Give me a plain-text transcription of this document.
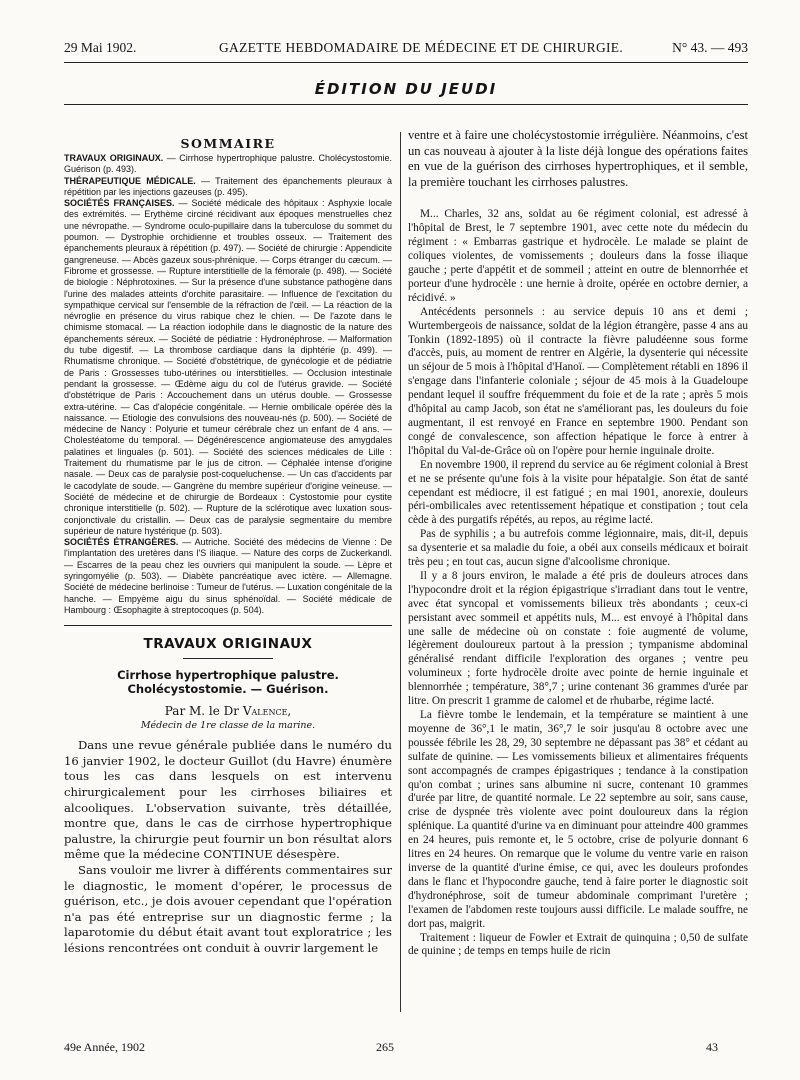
29 Mai 1902.	GAZETTE HEBDOMADAIRE DE MÉDECINE ET DE CHIRURGIE.	N° 43. — 493
ÉDITION DU JEUDI
SOMMAIRE

TRAVAUX ORIGINAUX. — Cirrhose hypertrophique palustre. Cholécystostomie. Guérison (p. 493).

THÉRAPEUTIQUE MÉDICALE. — Traitement des épanchements pleuraux à répétition par les injections gazeuses (p. 495).

SOCIÉTÉS FRANÇAISES. — Société médicale des hôpitaux : Asphyxie locale des extrémités. — Erythème circiné récidivant aux époques menstruelles chez une névropathe. — Syndrome oculo-pupillaire dans la tuberculose du sommet du poumon. — Dystrophie orchidienne et troubles osseux. — Traitement des épanchements pleuraux à répétition (p. 497). — Société de chirurgie : Appendicite gangreneuse. — Abcès gazeux sous-phrénique. — Corps étranger du cæcum. — Fibrome et grossesse. — Rupture interstitielle de la fémorale (p. 498). — Société de biologie : Néphrotoxines. — Sur la présence d'une substance pathogène dans l'urine des malades atteints d'orchite parasitaire. — Influence de l'excitation du sympathique cervical sur l'ensemble de la réfraction de l'œil. — La réaction de la névroglie en présence du virus rabique chez le chien. — De l'azote dans le chimisme stomacal. — La réaction iodophile dans le diagnostic de la nature des épanchements séreux. — Société de pédiatrie : Hydronéphrose. — Malformation du tube digestif. — La thrombose cardiaque dans la diphtérie (p. 499). — Rhumatisme chronique. — Société d'obstétrique, de gynécologie et de pédiatrie de Paris : Grossesses tubo-utérines ou interstitielles. — Occlusion intestinale pendant la grossesse. — Œdème aigu du col de l'utérus gravide. — Société d'obstétrique de Paris : Accouchement dans un utérus double. — Grossesse extra-utérine. — Cas d'alopécie congénitale. — Hernie ombilicale opérée dès la naissance. — Etiologie des convulsions des nouveau-nés (p. 500). — Société de médecine de Nancy : Polyurie et tumeur cérébrale chez un enfant de 4 ans. — Cholestéatome du temporal. — Dégénérescence angiomateuse des amygdales palatines et linguales (p. 501). — Société des sciences médicales de Lille : Traitement du rhumatisme par le jus de citron. — Céphalée intense d'origine nasale. — Deux cas de paralysie post-coqueluchense. — Un cas d'accidents par le cacodylate de soude. — Gangrène du membre supérieur d'origine veineuse. — Société de médecine et de chirurgie de Bordeaux : Cystostomie pour cystite chronique interstitielle (p. 502). — Rupture de la sclérotique avec luxation sous-conjonctivale du cristallin. — Deux cas de paralysie segmentaire du membre supérieur de nature hystérique (p. 503).

SOCIÉTÉS ÉTRANGÈRES. — Autriche. Société des médecins de Vienne : De l'implantation des uretères dans l'S iliaque. — Nature des corps de Zuckerkandl. — Escarres de la peau chez les ouvriers qui manipulent la soude. — Lèpre et syringomyélie (p. 503). — Diabète pancréatique avec ictère. — Allemagne. Société de médecine berlinoise : Tumeur de l'utérus. — Luxation congénitale de la hanche. — Empyème aigu du sinus sphénoïdal. — Société médicale de Hambourg : Œsophagite à streptocoques (p. 504).

TRAVAUX ORIGINAUX
Cirrhose hypertrophique palustre.
Cholécystostomie. — Guérison.
Par M. le Dr Valence,
Médecin de 1re classe de la marine.

Dans une revue générale publiée dans le numéro du 16 janvier 1902, le docteur Guillot (du Havre) énumère tous les cas dans lesquels on est intervenu chirurgicalement pour les cirrhoses biliaires et alcooliques. L'observation suivante, très détaillée, montre que, dans le cas de cirrhose hypertrophique palustre, la chirurgie peut fournir un bon résultat alors même que la médecine CONTINUE désespère.

Sans vouloir me livrer à différents commentaires sur le diagnostic, le moment d'opérer, le processus de guérison, etc., je dois avouer cependant que l'opération n'a pas été entreprise sur un diagnostic ferme ; la laparotomie du début était avant tout exploratrice ; les lésions rencontrées ont conduit à ouvrir largement le

ventre et à faire une cholécystostomie irrégulière. Néanmoins, c'est un cas nouveau à ajouter à la liste déjà longue des opérations faites en vue de la guérison des cirrhoses hypertrophiques, et il semble, la première touchant les cirrhoses palustres.

M... Charles, 32 ans, soldat au 6e régiment colonial, est adressé à l'hôpital de Brest, le 7 septembre 1901, avec cette note du médecin du régiment : « Embarras gastrique et hydrocèle. Le malade se plaint de coliques violentes, de vomissements ; douleurs dans la fosse iliaque gauche ; perte d'appétit et de sommeil ; atteint en outre de blennorrhée et porteur d'une hydrocèle : une hernie à droite, opérée en octobre dernier, a récidivé. »

Antécédents personnels : au service depuis 10 ans et demi ; Wurtembergeois de naissance, soldat de la légion étrangère, passe 4 ans au Tonkin (1892-1895) où il contracte la fièvre paludéenne sous forme d'accès, puis, au moment de rentrer en Algérie, la dysenterie qui nécessite un séjour de 5 mois à l'hôpital d'Hanoï. — Complètement rétabli en 1896 il s'engage dans l'infanterie coloniale ; séjour de 45 mois à la Guadeloupe pendant lequel il souffre fréquemment du foie et de la rate ; après 5 mois d'hôpital au camp Jacob, son état ne s'améliorant pas, les douleurs du foie augmentant, il est renvoyé en France en septembre 1900. Pendant son congé de convalescence, son affection hépatique le force à entrer à l'hôpital du Val-de-Grâce où on l'opère pour hernie inguinale droite.

En novembre 1900, il reprend du service au 6e régiment colonial à Brest et ne se présente qu'une fois à la visite pour hépatalgie. Son état de santé cependant est médiocre, il est fatigué ; en mai 1901, anorexie, douleurs péri-ombilicales avec retentissement hépatique et constipation ; tout cela cède à des purgatifs répétés, au repos, au régime lacté.

Pas de syphilis ; a bu autrefois comme légionnaire, mais, dit-il, depuis sa dysenterie et sa maladie du foie, a obéi aux conseils médicaux et boirait très peu ; en tout cas, aucun signe d'alcoolisme chronique.

Il y a 8 jours environ, le malade a été pris de douleurs atroces dans l'hypocondre droit et la région épigastrique s'irradiant dans tout le ventre, avec état syncopal et vomissements bilieux très abondants ; ceux-ci persistant avec sommeil et appétits nuls, M... est envoyé à l'hôpital dans une salle de médecine où on constate : foie augmenté de volume, légèrement douloureux partout à la pression ; tympanisme abdominal généralisé rendant difficile l'exploration des organes ; ventre peu volumineux ; forte hydrocèle droite avec pointe de hernie inguinale et blennorrhée ; température, 38°,7 ; urine contenant 36 grammes d'urée par litre. On prescrit 1 gramme de calomel et de rhubarbe, régime lacté.

La fièvre tombe le lendemain, et la température se maintient à une moyenne de 36°,1 le matin, 36°,7 le soir jusqu'au 8 octobre avec une poussée fébrile les 28, 29, 30 septembre ne dépassant pas 38° et cédant au sulfate de quinine. — Les vomissements bilieux et alimentaires fréquents sont accompagnés de crampes épigastriques ; tendance à la constipation qu'on combat ; urines sans albumine ni sucre, contenant 10 grammes d'urée par litre, de quantité normale. Le 22 septembre au soir, sans cause, crise de dyspnée très violente avec point douloureux dans la région splénique. La quantité d'urine va en diminuant pour atteindre 400 grammes en 24 heures, puis remonte et, le 5 octobre, crise de polyurie donnant 6 litres en 24 heures. On remarque que le volume du ventre varie en raison inverse de la quantité d'urine émise, ce qui, avec les douleurs profondes dans le flanc et l'hypocondre gauche, tend à faire porter le diagnostic soit d'hydronéphrose, soit de tumeur abdominale comprimant l'uretère ; l'examen de l'abdomen reste toujours aussi difficile. Le malade souffre, ne dort pas, maigrit.

Traitement : liqueur de Fowler et Extrait de quinquina ; 0,50 de sulfate de quinine ; de temps en temps huile de ricin

49e Année, 1902	265	43
